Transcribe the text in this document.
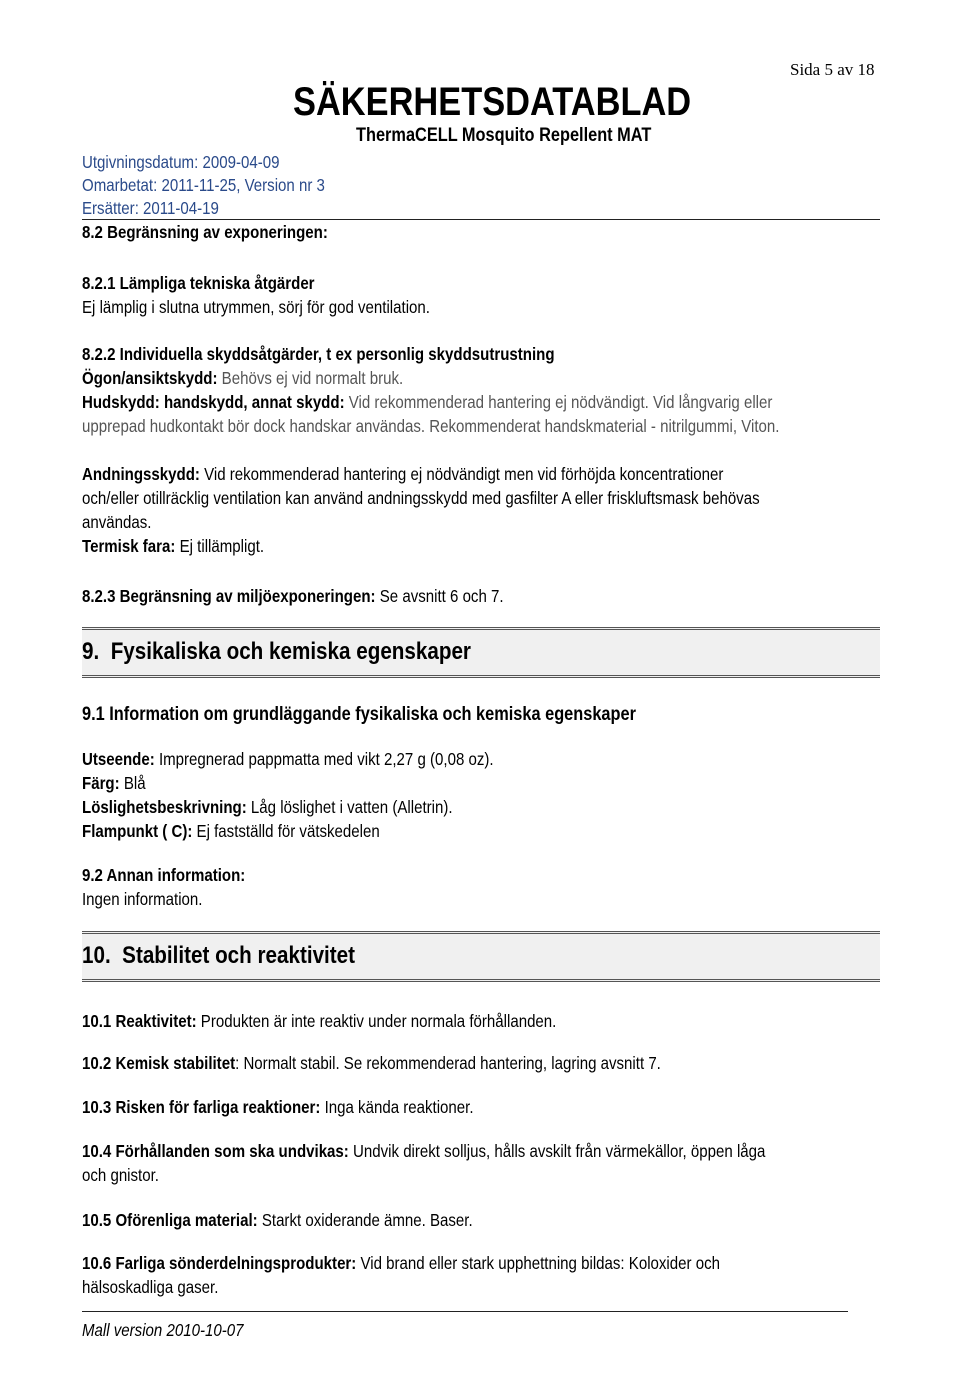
Sida 5 av 18
SÄKERHETSDATABLAD
ThermaCELL Mosquito Repellent MAT
Utgivningsdatum: 2009-04-09
Omarbetat: 2011-11-25, Version nr 3
Ersätter: 2011-04-19
8.2 Begränsning av exponeringen:
8.2.1 Lämpliga tekniska åtgärder
Ej lämplig i slutna utrymmen, sörj för god ventilation.
8.2.2 Individuella skyddsåtgärder, t ex personlig skyddsutrustning
Ögon/ansiktskydd: Behövs ej vid normalt bruk.
Hudskydd: handskydd, annat skydd: Vid rekommenderad hantering ej nödvändigt. Vid långvarig eller
upprepad hudkontakt bör dock handskar användas. Rekommenderat handskmaterial - nitrilgummi, Viton.
Andningsskydd: Vid rekommenderad hantering ej nödvändigt men vid förhöjda koncentrationer
och/eller otillräcklig ventilation kan använd andningsskydd med gasfilter A eller friskluftsmask behövas
användas.
Termisk fara: Ej tillämpligt.
8.2.3 Begränsning av miljöexponeringen: Se avsnitt 6 och 7.
9. Fysikaliska och kemiska egenskaper
9.1 Information om grundläggande fysikaliska och kemiska egenskaper
Utseende: Impregnerad pappmatta med vikt 2,27 g (0,08 oz).
Färg: Blå
Löslighetsbeskrivning: Låg löslighet i vatten (Alletrin).
Flampunkt ( C): Ej fastställd för vätskedelen
9.2 Annan information:
Ingen information.
10. Stabilitet och reaktivitet
10.1 Reaktivitet: Produkten är inte reaktiv under normala förhållanden.
10.2 Kemisk stabilitet: Normalt stabil. Se rekommenderad hantering, lagring avsnitt 7.
10.3 Risken för farliga reaktioner: Inga kända reaktioner.
10.4 Förhållanden som ska undvikas: Undvik direkt solljus, hålls avskilt från värmekällor, öppen låga
och gnistor.
10.5 Oförenliga material: Starkt oxiderande ämne. Baser.
10.6 Farliga sönderdelningsprodukter: Vid brand eller stark upphettning bildas: Koloxider och
hälsoskadliga gaser.
Mall version 2010-10-07
